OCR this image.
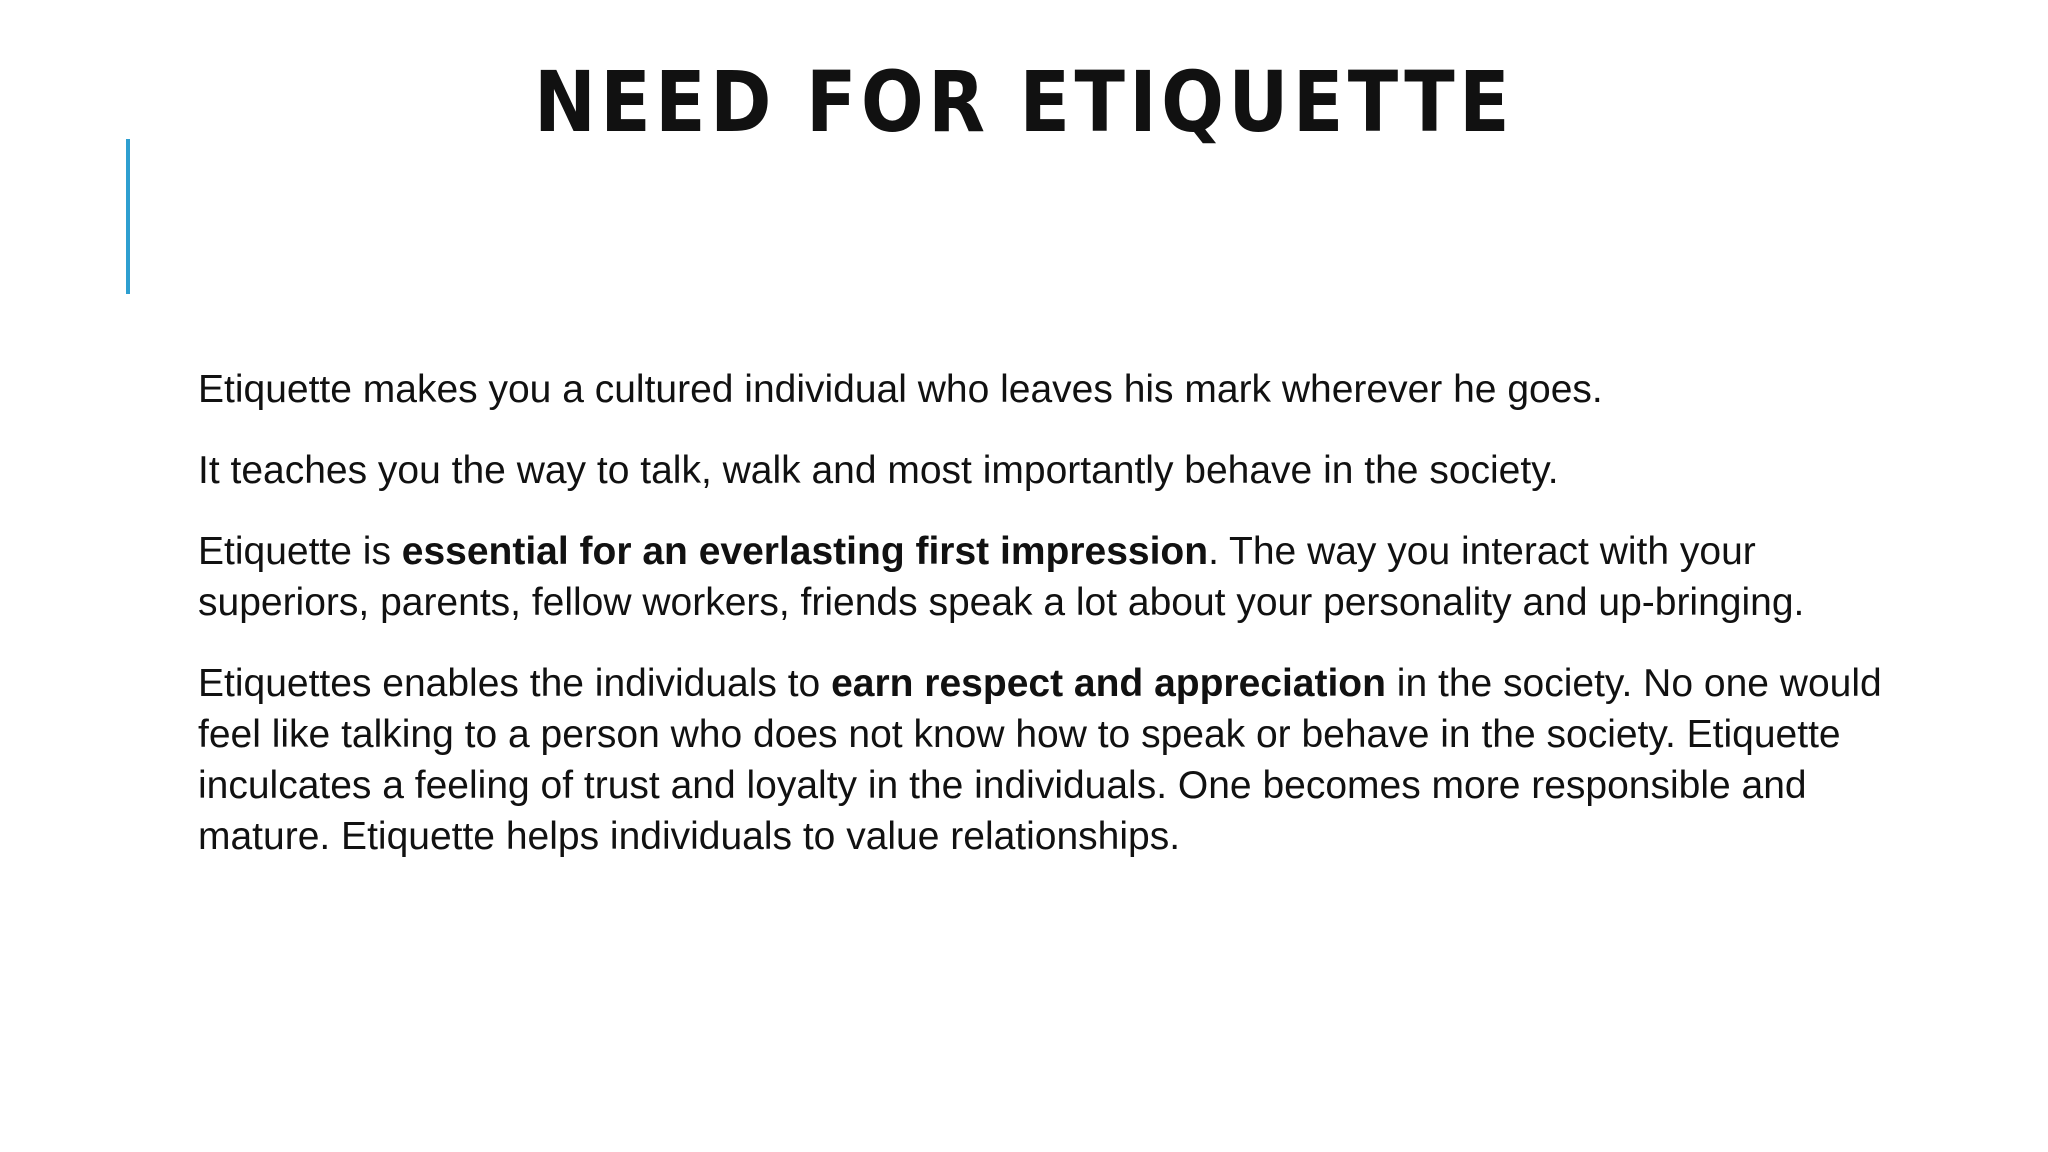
NEED FOR ETIQUETTE

Etiquette makes you a cultured individual who leaves his mark wherever he goes.

It teaches you the way to talk, walk and most importantly behave in the society.

Etiquette is essential for an everlasting first impression. The way you interact with your superiors, parents, fellow workers, friends speak a lot about your personality and up-bringing.

Etiquettes enables the individuals to earn respect and appreciation in the society. No one would feel like talking to a person who does not know how to speak or behave in the society. Etiquette inculcates a feeling of trust and loyalty in the individuals. One becomes more responsible and mature. Etiquette helps individuals to value relationships.
